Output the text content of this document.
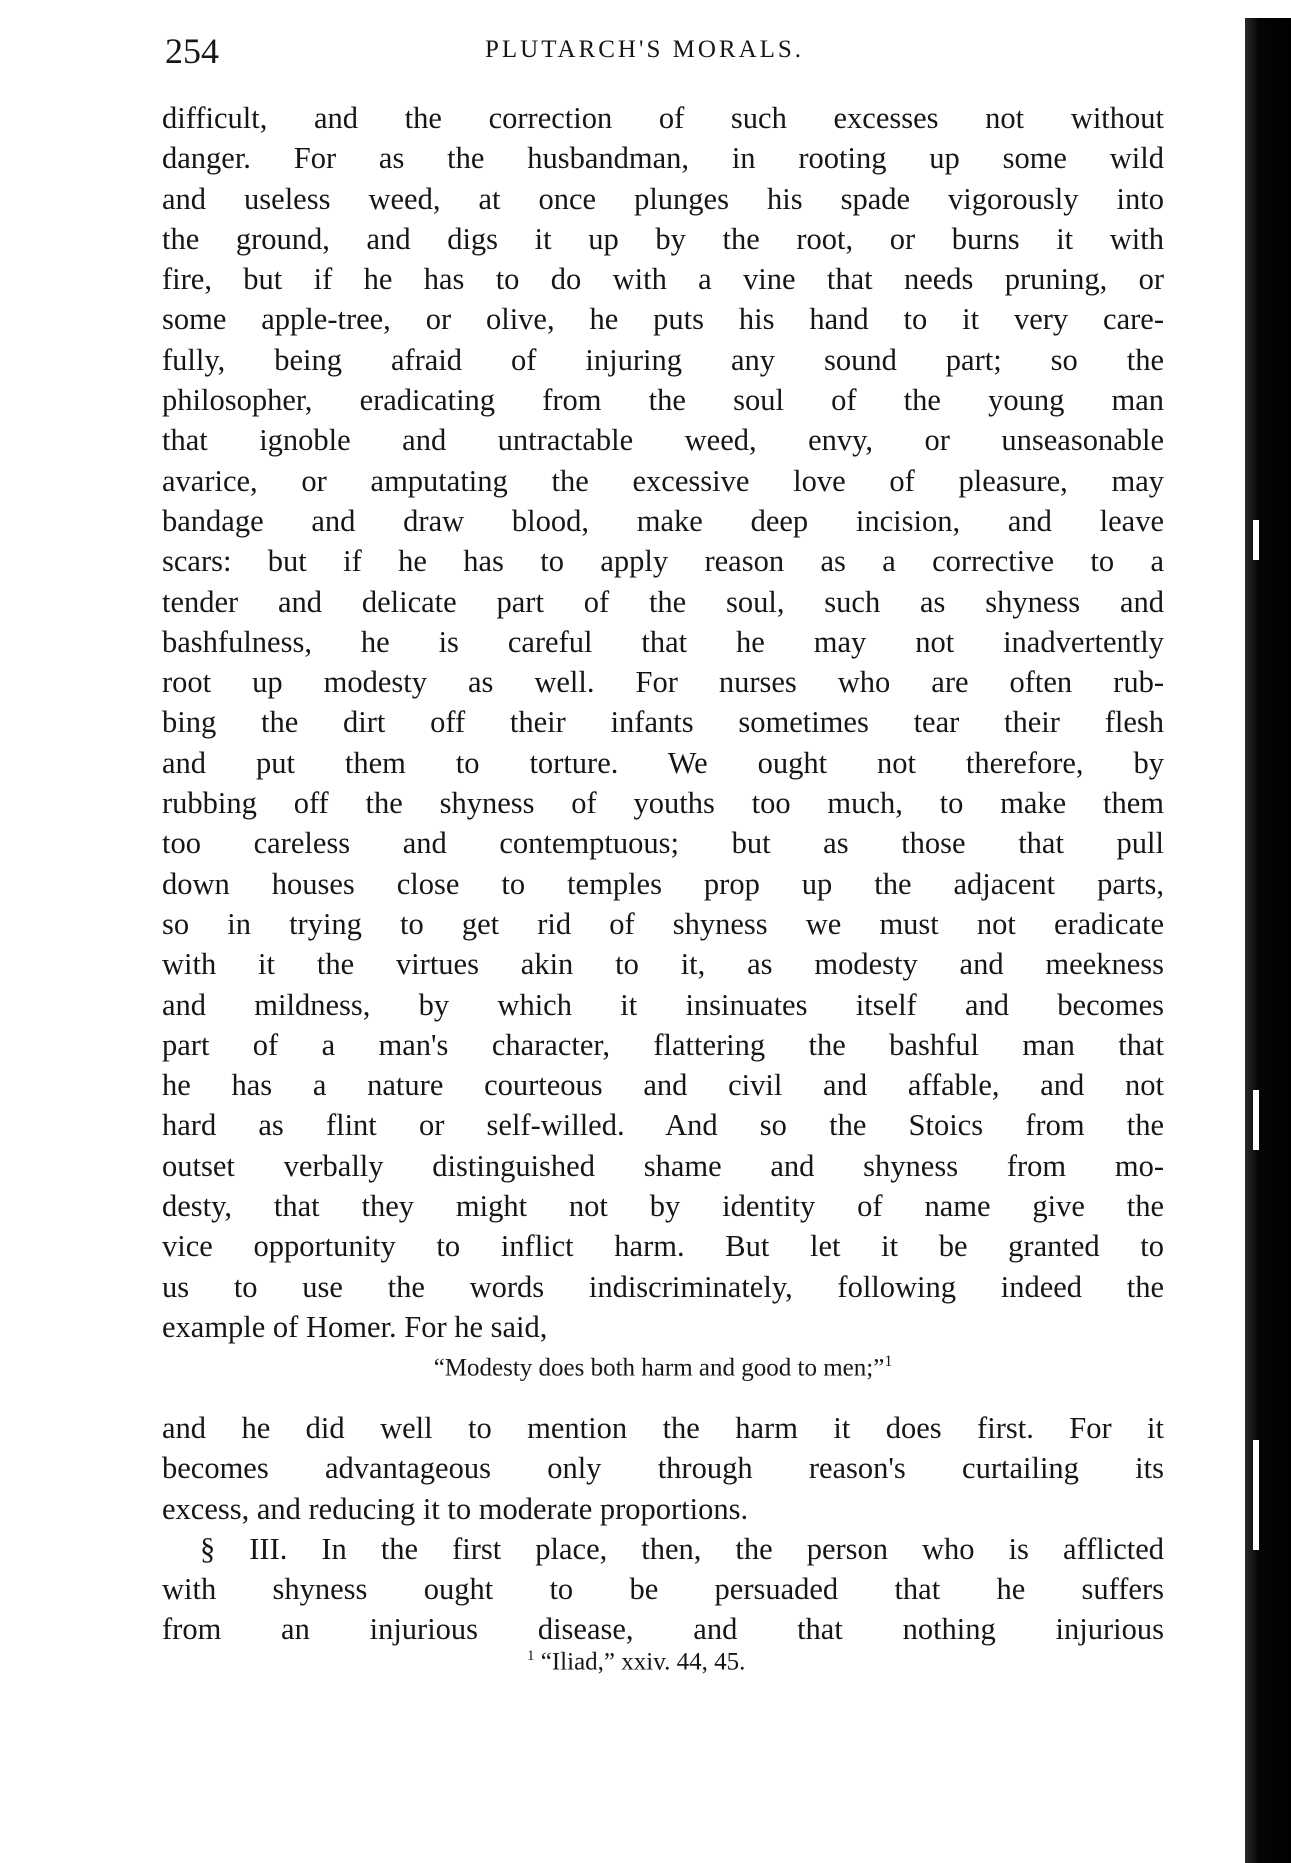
254	PLUTARCH'S MORALS.
difficult, and the correction of such excesses not without
danger. For as the husbandman, in rooting up some wild
and useless weed, at once plunges his spade vigorously into
the ground, and digs it up by the root, or burns it with
fire, but if he has to do with a vine that needs pruning, or
some apple-tree, or olive, he puts his hand to it very care-
fully, being afraid of injuring any sound part; so the
philosopher, eradicating from the soul of the young man
that ignoble and untractable weed, envy, or unseasonable
avarice, or amputating the excessive love of pleasure, may
bandage and draw blood, make deep incision, and leave
scars: but if he has to apply reason as a corrective to a
tender and delicate part of the soul, such as shyness and
bashfulness, he is careful that he may not inadvertently
root up modesty as well. For nurses who are often rub-
bing the dirt off their infants sometimes tear their flesh
and put them to torture. We ought not therefore, by
rubbing off the shyness of youths too much, to make them
too careless and contemptuous; but as those that pull
down houses close to temples prop up the adjacent parts,
so in trying to get rid of shyness we must not eradicate
with it the virtues akin to it, as modesty and meekness
and mildness, by which it insinuates itself and becomes
part of a man's character, flattering the bashful man that
he has a nature courteous and civil and affable, and not
hard as flint or self-willed. And so the Stoics from the
outset verbally distinguished shame and shyness from mo-
desty, that they might not by identity of name give the
vice opportunity to inflict harm. But let it be granted to
us to use the words indiscriminately, following indeed the
example of Homer. For he said,
“Modesty does both harm and good to men;”$^1$
and he did well to mention the harm it does first. For it
becomes advantageous only through reason's curtailing its
excess, and reducing it to moderate proportions.
§ III. In the first place, then, the person who is afflicted
with shyness ought to be persuaded that he suffers
from an injurious disease, and that nothing injurious
$^1$ “Iliad,” xxiv. 44, 45.
